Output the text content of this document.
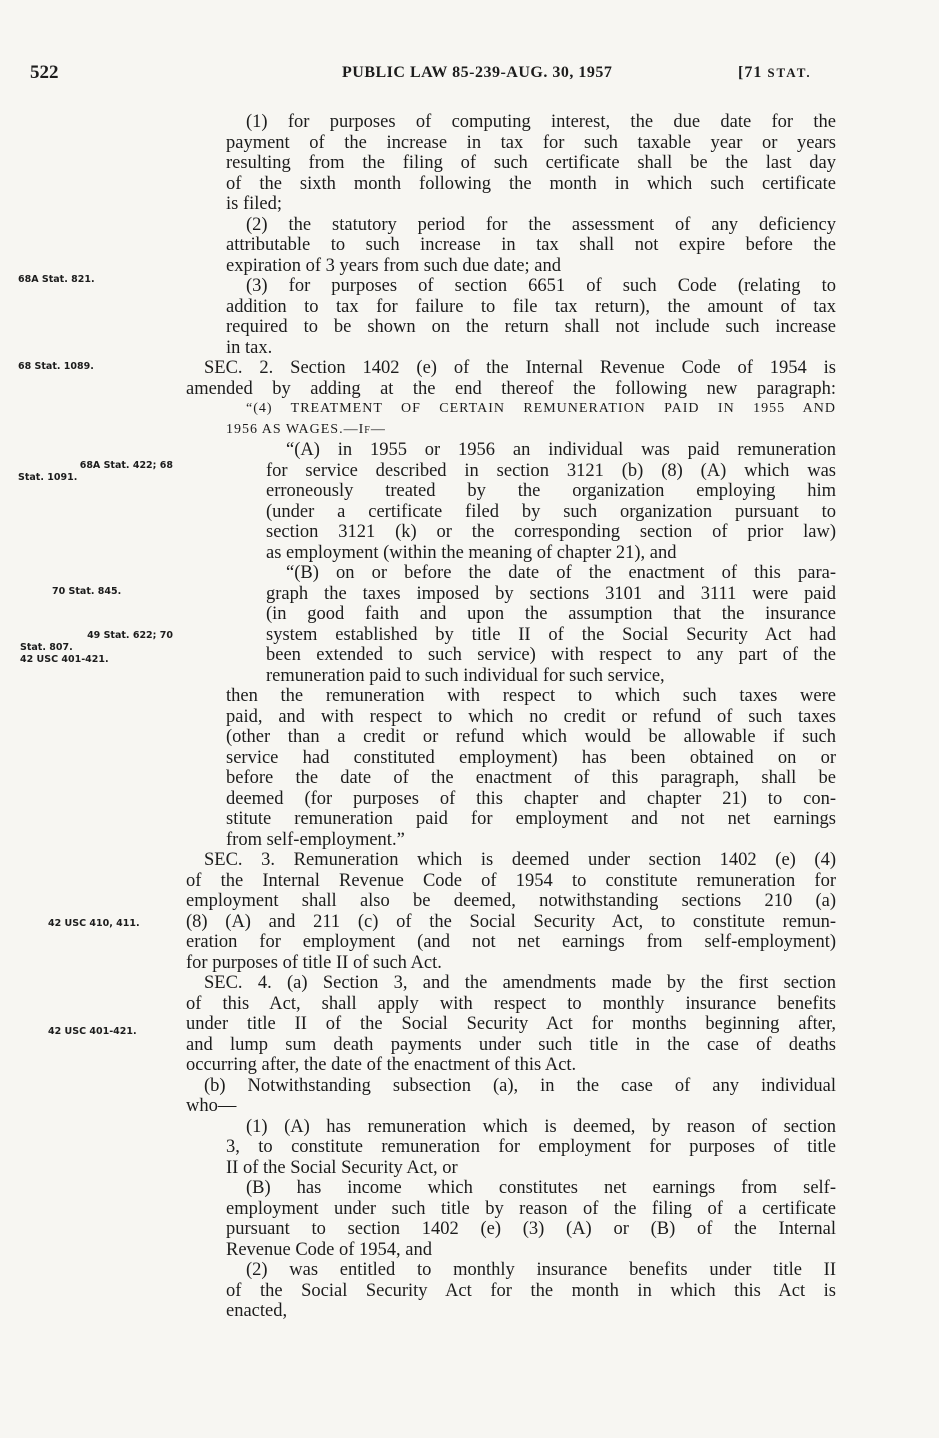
522	PUBLIC LAW 85-239-AUG. 30, 1957	[71 STAT.
68A Stat. 821.
68 Stat. 1089.
68A Stat. 422; 68
Stat. 1091.
70 Stat. 845.
49 Stat. 622; 70
Stat. 807.
42 USC 401-421.
42 USC 410, 411.
42 USC 401-421.
(1) for purposes of computing interest, the due date for the
payment of the increase in tax for such taxable year or years
resulting from the filing of such certificate shall be the last day
of the sixth month following the month in which such certificate
is filed;
(2) the statutory period for the assessment of any deficiency
attributable to such increase in tax shall not expire before the
expiration of 3 years from such due date; and
(3) for purposes of section 6651 of such Code (relating to
addition to tax for failure to file tax return), the amount of tax
required to be shown on the return shall not include such increase
in tax.
SEC. 2. Section 1402 (e) of the Internal Revenue Code of 1954 is
amended by adding at the end thereof the following new paragraph:
“(4) TREATMENT OF CERTAIN REMUNERATION PAID IN 1955 AND
1956 AS WAGES.—If—
“(A) in 1955 or 1956 an individual was paid remuneration
for service described in section 3121 (b) (8) (A) which was
erroneously treated by the organization employing him
(under a certificate filed by such organization pursuant to
section 3121 (k) or the corresponding section of prior law)
as employment (within the meaning of chapter 21), and
“(B) on or before the date of the enactment of this para-
graph the taxes imposed by sections 3101 and 3111 were paid
(in good faith and upon the assumption that the insurance
system established by title II of the Social Security Act had
been extended to such service) with respect to any part of the
remuneration paid to such individual for such service,
then the remuneration with respect to which such taxes were
paid, and with respect to which no credit or refund of such taxes
(other than a credit or refund which would be allowable if such
service had constituted employment) has been obtained on or
before the date of the enactment of this paragraph, shall be
deemed (for purposes of this chapter and chapter 21) to con-
stitute remuneration paid for employment and not net earnings
from self-employment.”
SEC. 3. Remuneration which is deemed under section 1402 (e) (4)
of the Internal Revenue Code of 1954 to constitute remuneration for
employment shall also be deemed, notwithstanding sections 210 (a)
(8) (A) and 211 (c) of the Social Security Act, to constitute remun-
eration for employment (and not net earnings from self-employment)
for purposes of title II of such Act.
SEC. 4. (a) Section 3, and the amendments made by the first section
of this Act, shall apply with respect to monthly insurance benefits
under title II of the Social Security Act for months beginning after,
and lump sum death payments under such title in the case of deaths
occurring after, the date of the enactment of this Act.
(b) Notwithstanding subsection (a), in the case of any individual
who—
(1) (A) has remuneration which is deemed, by reason of section
3, to constitute remuneration for employment for purposes of title
II of the Social Security Act, or
(B) has income which constitutes net earnings from self-
employment under such title by reason of the filing of a certificate
pursuant to section 1402 (e) (3) (A) or (B) of the Internal
Revenue Code of 1954, and
(2) was entitled to monthly insurance benefits under title II
of the Social Security Act for the month in which this Act is
enacted,
